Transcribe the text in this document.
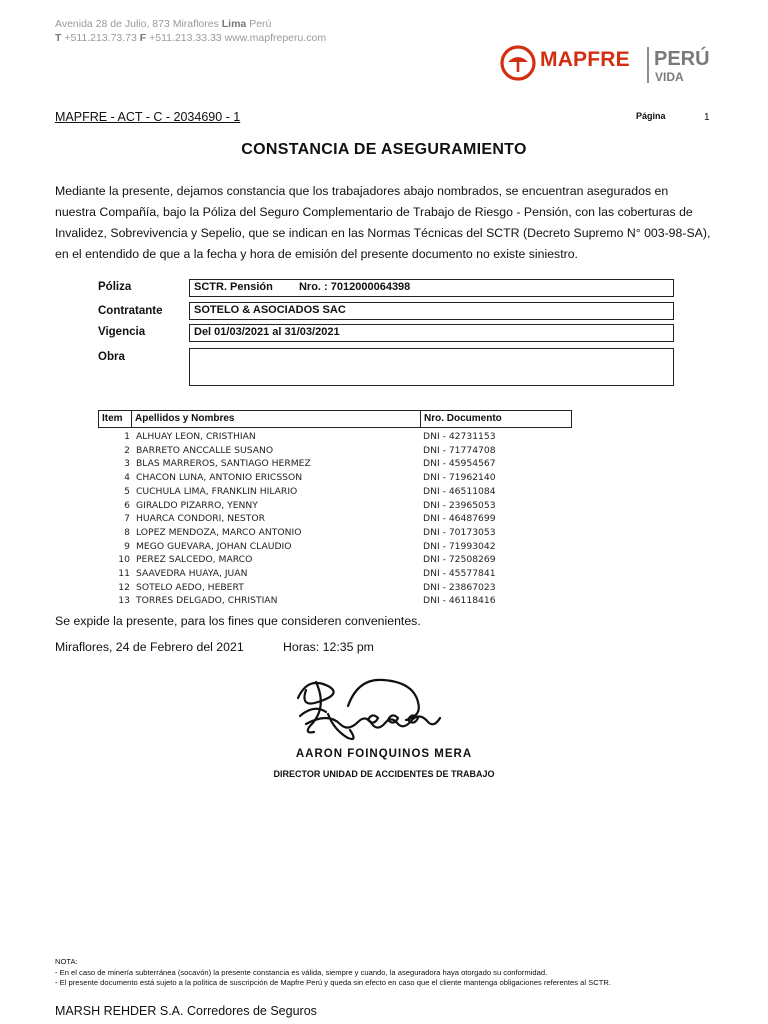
Avenida 28 de Julio, 873 Miraflores Lima Perú
T +511.213.73.73 F +511.213.33.33 www.mapfreperu.com
MAPFRE PERÚ
VIDA
MAPFRE - ACT - C - 2034690 - 1	Página	1
CONSTANCIA DE ASEGURAMIENTO
Mediante la presente, dejamos constancia que los trabajadores abajo nombrados, se encuentran asegurados en
nuestra Compañía, bajo la Póliza del Seguro Complementario de Trabajo de Riesgo - Pensión, con las coberturas de
Invalidez, Sobrevivencia y Sepelio, que se indican en las Normas Técnicas del SCTR (Decreto Supremo N° 003-98-SA),
en el entendido de que a la fecha y hora de emisión del presente documento no existe siniestro.
Póliza	SCTR. Pensión Nro. : 7012000064398
Contratante	SOTELO & ASOCIADOS SAC
Vigencia	Del 01/03/2021 al 31/03/2021
Obra
Item	Apellidos y Nombres	Nro. Documento
1 ALHUAY LEON, CRISTHIAN	DNI - 42731153
2 BARRETO ANCCALLE SUSANO	DNI - 71774708
3 BLAS MARREROS, SANTIAGO HERMEZ	DNI - 45954567
4 CHACON LUNA, ANTONIO ERICSSON	DNI - 71962140
5 CUCHULA LIMA, FRANKLIN HILARIO	DNI - 46511084
6 GIRALDO PIZARRO, YENNY	DNI - 23965053
7 HUARCA CONDORI, NESTOR	DNI - 46487699
8 LOPEZ MENDOZA, MARCO ANTONIO	DNI - 70173053
9 MEGO GUEVARA, JOHAN CLAUDIO	DNI - 71993042
10 PEREZ SALCEDO, MARCO	DNI - 72508269
11 SAAVEDRA HUAYA, JUAN	DNI - 45577841
12 SOTELO AEDO, HEBERT	DNI - 23867023
13 TORRES DELGADO, CHRISTIAN	DNI - 46118416
Se expide la presente, para los fines que consideren convenientes.
Miraflores, 24 de Febrero del 2021	Horas: 12:35 pm
AARON FOINQUINOS MERA
DIRECTOR UNIDAD DE ACCIDENTES DE TRABAJO
NOTA:
- En el caso de minería subterránea (socavón) la presente constancia es válida, siempre y cuando, la aseguradora haya otorgado su conformidad.
- El presente documento está sujeto a la política de suscripción de Mapfre Perú y queda sin efecto en caso que el cliente mantenga obligaciones referentes al SCTR.
MARSH REHDER S.A. Corredores de Seguros
